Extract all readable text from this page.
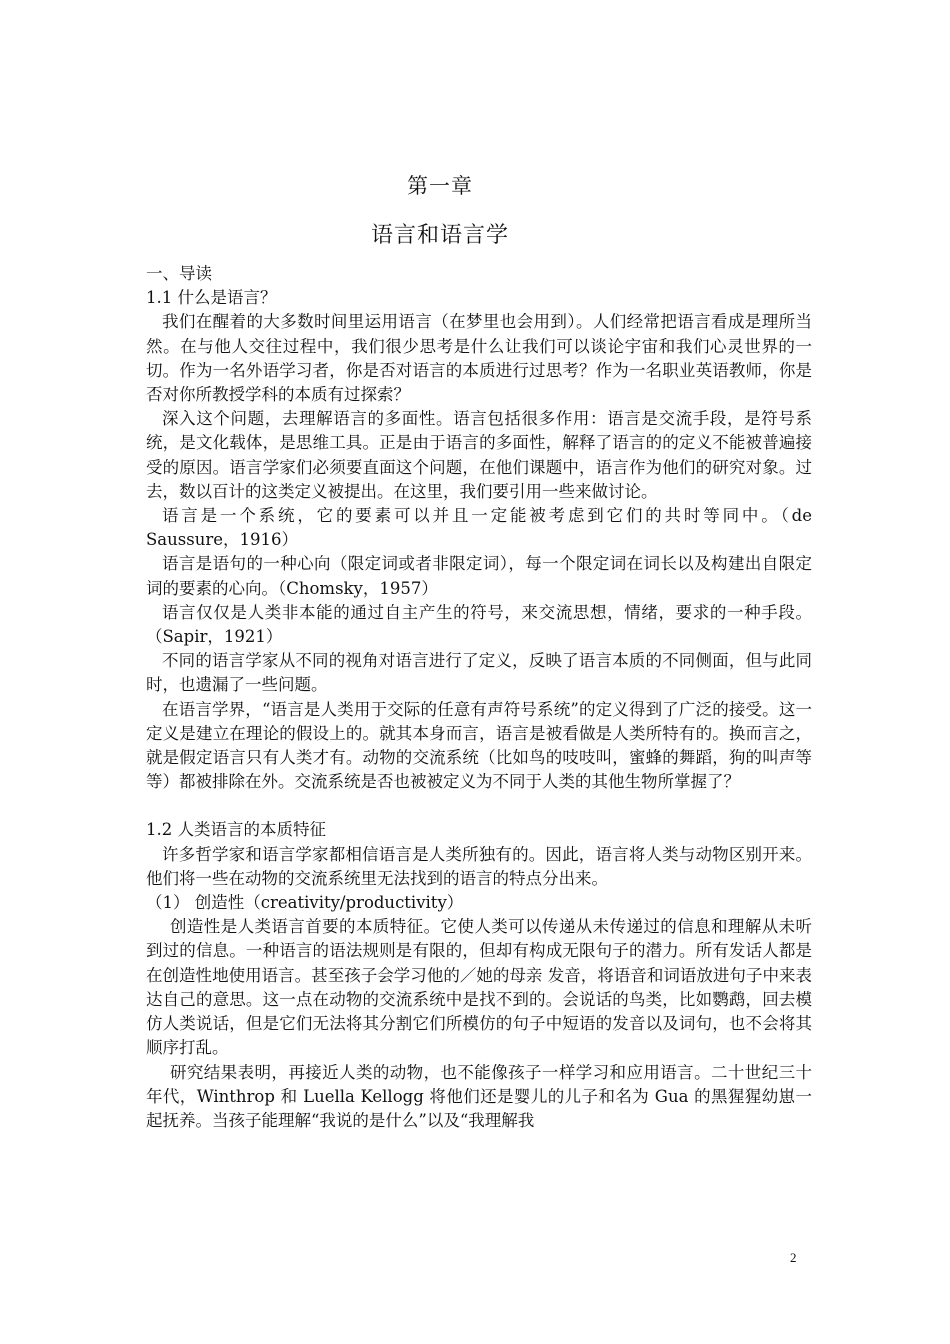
第一章
语言和语言学

一、导读

1.1 什么是语言？

我们在醒着的大多数时间里运用语言（在梦里也会用到）。人们经常把语言看成是理所当然。在与他人交往过程中，我们很少思考是什么让我们可以谈论宇宙和我们心灵世界的一切。作为一名外语学习者，你是否对语言的本质进行过思考？作为一名职业英语教师，你是否对你所教授学科的本质有过探索？

深入这个问题，去理解语言的多面性。语言包括很多作用：语言是交流手段，是符号系统，是文化载体，是思维工具。正是由于语言的多面性，解释了语言的的定义不能被普遍接受的原因。语言学家们必须要直面这个问题，在他们课题中，语言作为他们的研究对象。过去，数以百计的这类定义被提出。在这里，我们要引用一些来做讨论。

语言是一个系统，它的要素可以并且一定能被考虑到它们的共时等同中。（de Saussure，1916）

语言是语句的一种心向（限定词或者非限定词），每一个限定词在词长以及构建出自限定词的要素的心向。（Chomsky，1957）

语言仅仅是人类非本能的通过自主产生的符号，来交流思想，情绪，要求的一种手段。（Sapir，1921）

不同的语言学家从不同的视角对语言进行了定义，反映了语言本质的不同侧面，但与此同时，也遗漏了一些问题。

在语言学界，“语言是人类用于交际的任意有声符号系统”的定义得到了广泛的接受。这一定义是建立在理论的假设上的。就其本身而言，语言是被看做是人类所特有的。换而言之，就是假定语言只有人类才有。动物的交流系统（比如鸟的吱吱叫，蜜蜂的舞蹈，狗的叫声等等）都被排除在外。交流系统是否也被被定义为不同于人类的其他生物所掌握了？

1.2 人类语言的本质特征

许多哲学家和语言学家都相信语言是人类所独有的。因此，语言将人类与动物区别开来。他们将一些在动物的交流系统里无法找到的语言的特点分出来。

（1） 创造性（creativity/productivity）

创造性是人类语言首要的本质特征。它使人类可以传递从未传递过的信息和理解从未听到过的信息。一种语言的语法规则是有限的，但却有构成无限句子的潜力。所有发话人都是在创造性地使用语言。甚至孩子会学习他的／她的母亲 发音，将语音和词语放进句子中来表达自己的意思。这一点在动物的交流系统中是找不到的。会说话的鸟类，比如鹦鹉，回去模仿人类说话，但是它们无法将其分割它们所模仿的句子中短语的发音以及词句，也不会将其顺序打乱。

研究结果表明，再接近人类的动物，也不能像孩子一样学习和应用语言。二十世纪三十年代，Winthrop 和 Luella Kellogg 将他们还是婴儿的儿子和名为 Gua 的黑猩猩幼崽一起抚养。当孩子能理解“我说的是什么”以及“我理解我

2
